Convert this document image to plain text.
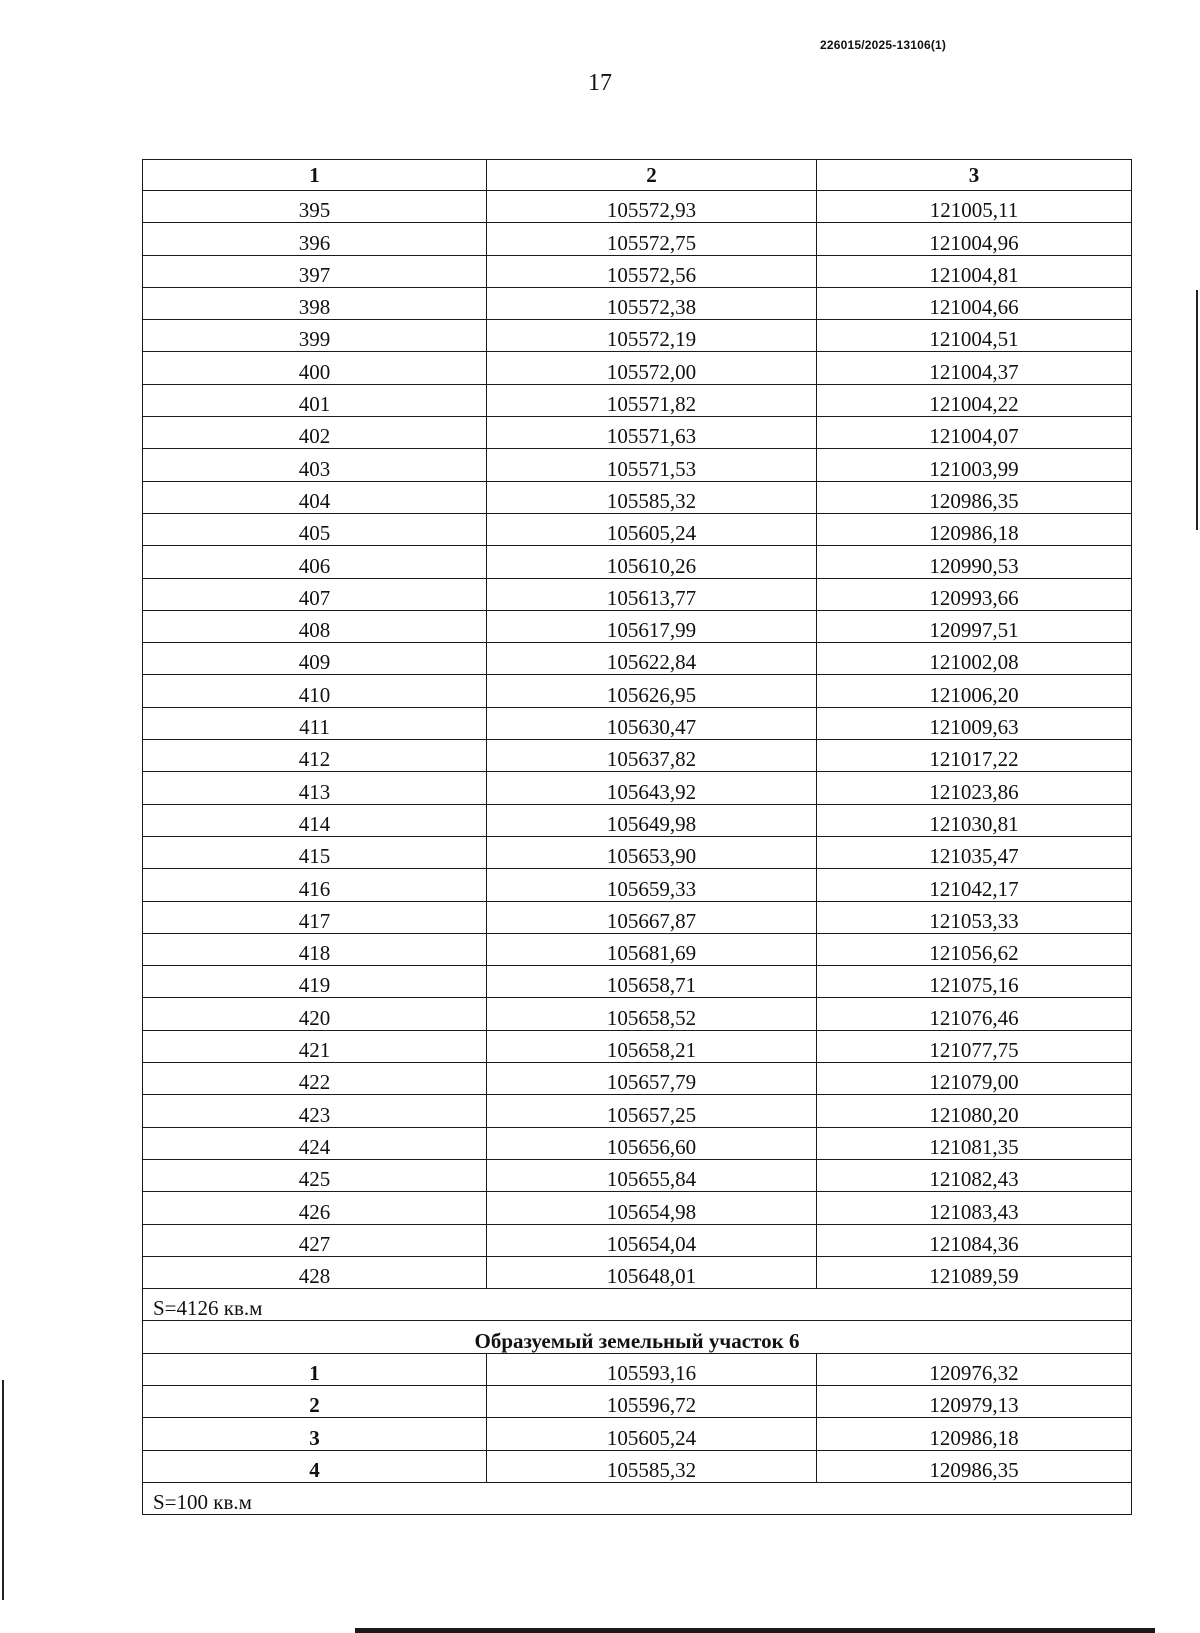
226015/2025-13106(1)
17
1	2	3
395	105572,93	121005,11
396	105572,75	121004,96
397	105572,56	121004,81
398	105572,38	121004,66
399	105572,19	121004,51
400	105572,00	121004,37
401	105571,82	121004,22
402	105571,63	121004,07
403	105571,53	121003,99
404	105585,32	120986,35
405	105605,24	120986,18
406	105610,26	120990,53
407	105613,77	120993,66
408	105617,99	120997,51
409	105622,84	121002,08
410	105626,95	121006,20
411	105630,47	121009,63
412	105637,82	121017,22
413	105643,92	121023,86
414	105649,98	121030,81
415	105653,90	121035,47
416	105659,33	121042,17
417	105667,87	121053,33
418	105681,69	121056,62
419	105658,71	121075,16
420	105658,52	121076,46
421	105658,21	121077,75
422	105657,79	121079,00
423	105657,25	121080,20
424	105656,60	121081,35
425	105655,84	121082,43
426	105654,98	121083,43
427	105654,04	121084,36
428	105648,01	121089,59
S=4126 кв.м		
Образуемый земельный участок 6		
1	105593,16	120976,32
2	105596,72	120979,13
3	105605,24	120986,18
4	105585,32	120986,35
S=100 кв.м		
